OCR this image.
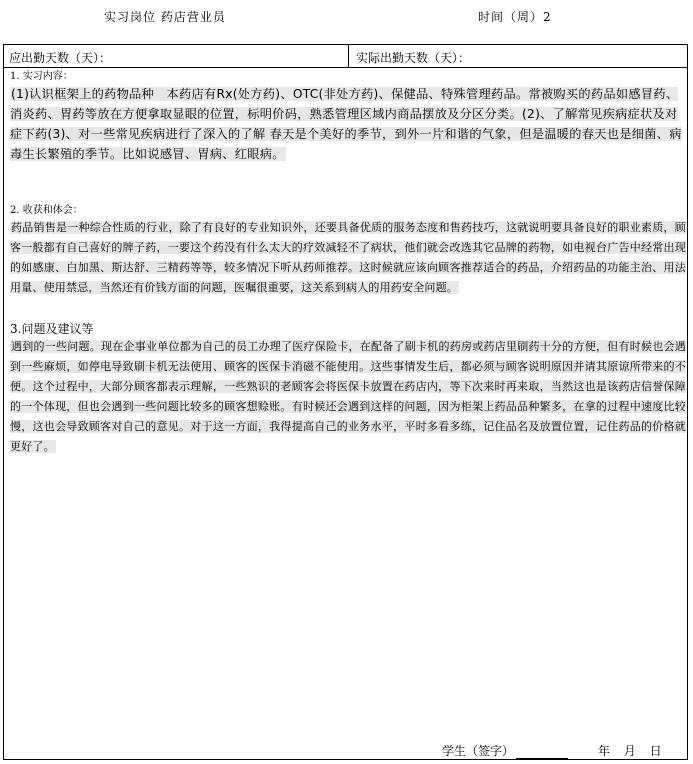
实习岗位 药店营业员	时间（周）2
应出勤天数（天）：	实际出勤天数（天）：
1. 实习内容：
(1)认识框架上的药物品种　本药店有Rx(处方药)、OTC(非处方药)、保健品、特殊管理药品。常被购买的药品如感冒药、消炎药、胃药等放在方便拿取显眼的位置，标明价码，熟悉管理区域内商品摆放及分区分类。(2)、了解常见疾病症状及对症下药(3)、对一些常见疾病进行了深入的了解 春天是个美好的季节，到外一片和谐的气象，但是温暖的春天也是细菌、病毒生长繁殖的季节。比如说感冒、胃病、红眼病。
2. 收获和体会：
药品销售是一种综合性质的行业，除了有良好的专业知识外，还要具备优质的服务态度和售药技巧，这就说明要具备良好的职业素质，顾客一般都有自己喜好的牌子药，一要这个药没有什么太大的疗效减轻不了病状，他们就会改选其它品牌的药物，如电视台广告中经常出现的如感康、白加黑、斯达舒、三精药等等，较多情况下听从药师推荐。这时候就应该向顾客推荐适合的药品，介绍药品的功能主治、用法用量、使用禁忌，当然还有价钱方面的问题，医嘱很重要，这关系到病人的用药安全问题。
3.问题及建议等
遇到的一些问题。现在企事业单位都为自己的员工办理了医疗保险卡，在配备了刷卡机的药房或药店里刷药十分的方便，但有时候也会遇到一些麻烦，如停电导致刷卡机无法使用、顾客的医保卡消磁不能使用。这些事情发生后，都必须与顾客说明原因并请其原谅所带来的不便。这个过程中，大部分顾客都表示理解，一些熟识的老顾客会将医保卡放置在药店内，等下次来时再来取，当然这也是该药店信誉保障的一个体现，但也会遇到一些问题比较多的顾客想赊账。有时候还会遇到这样的问题，因为柜架上药品品种繁多，在拿的过程中速度比较慢，这也会导致顾客对自己的意见。对于这一方面，我得提高自己的业务水平，平时多看多练，记住品名及放置位置，记住药品的价格就更好了。
学生（签字）	年 月 日
